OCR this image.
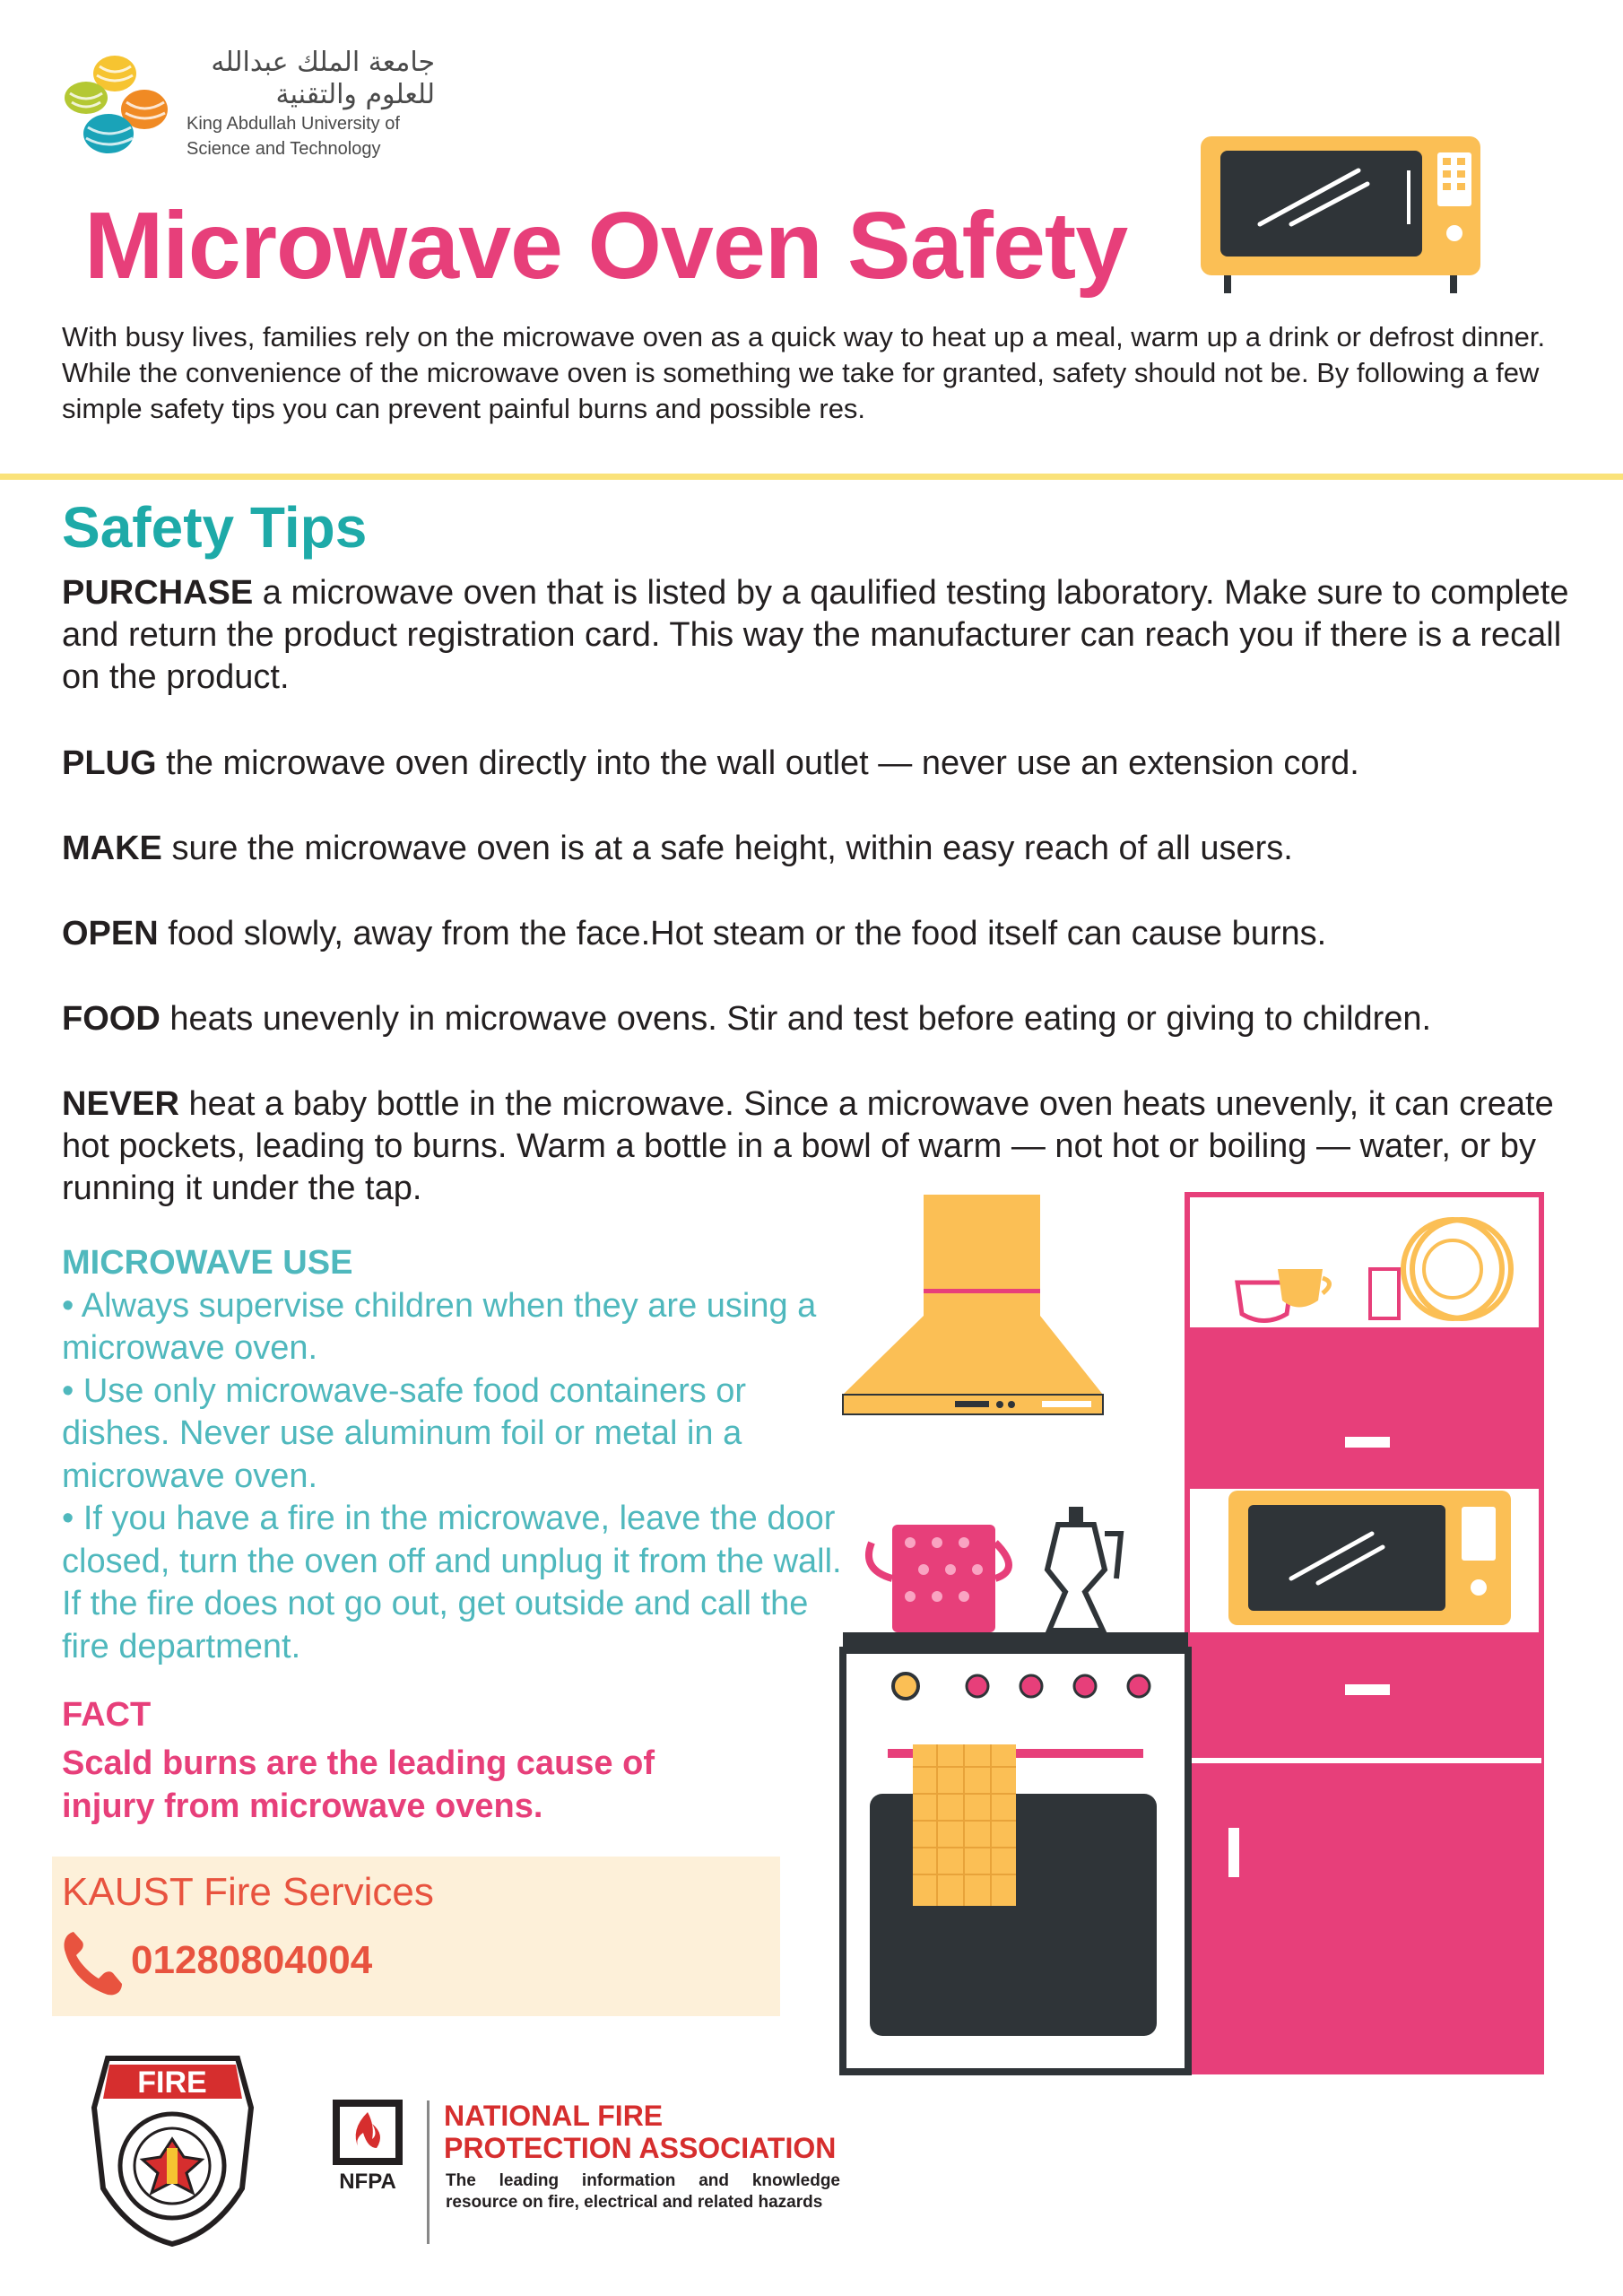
جامعة الملك عبدالله
للعلوم والتقنية
King Abdullah University of
Science and Technology
Microwave Oven Safety
With busy lives, families rely on the microwave oven as a quick way to heat up a meal, warm up a drink or defrost dinner. While the convenience of the microwave oven is something we take for granted, safety should not be. By following a few simple safety tips you can prevent painful burns and possible res.
Safety Tips
PURCHASE a microwave oven that is listed by a qaulified testing laboratory. Make sure to complete and return the product registration card. This way the manufacturer can reach you if there is a recall on the product.
PLUG the microwave oven directly into the wall outlet — never use an extension cord.
MAKE sure the microwave oven is at a safe height, within easy reach of all users.
OPEN food slowly, away from the face.Hot steam or the food itself can cause burns.
FOOD heats unevenly in microwave ovens. Stir and test before eating or giving to children.
NEVER heat a baby bottle in the microwave. Since a microwave oven heats unevenly, it can create hot pockets, leading to burns. Warm a bottle in a bowl of warm — not hot or boiling — water, or by running it under the tap.
MICROWAVE USE
• Always supervise children when they are using a microwave oven.
• Use only microwave-safe food containers or dishes. Never use aluminum foil or metal in a microwave oven.
• If you have a fire in the microwave, leave the door closed, turn the oven off and unplug it from the wall. If the fire does not go out, get outside and call the fire department.
FACT
Scald burns are the leading cause of injury from microwave ovens.
KAUST Fire Services
01280804004
FIRE
NFPA
NATIONAL FIRE
PROTECTION ASSOCIATION
The leading information and knowledge resource on fire, electrical and related hazards
